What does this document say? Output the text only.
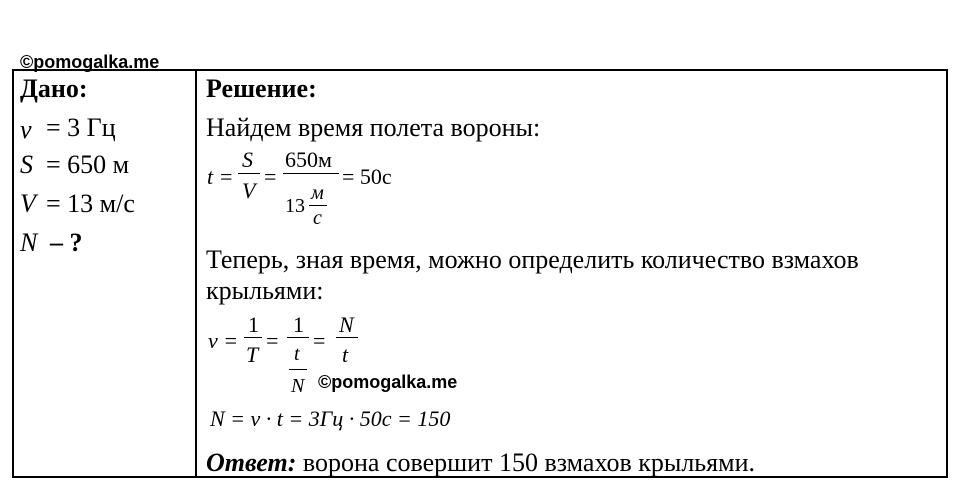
©pomogalka.me

Дано:
ν = 3 Гц
S = 650 м
V = 13 м/с
N – ?
Решение:
Найдем время полета вороны:
t =
S
V
=
650м
13
м
с
= 50с
Теперь, зная время, можно определить количество взмахов
крыльями:
ν =
1
T
=
1
t
N
=
N
t
©pomogalka.me
N = ν · t = 3Гц · 50с = 150
Ответ: ворона совершит 150 взмахов крыльями.
